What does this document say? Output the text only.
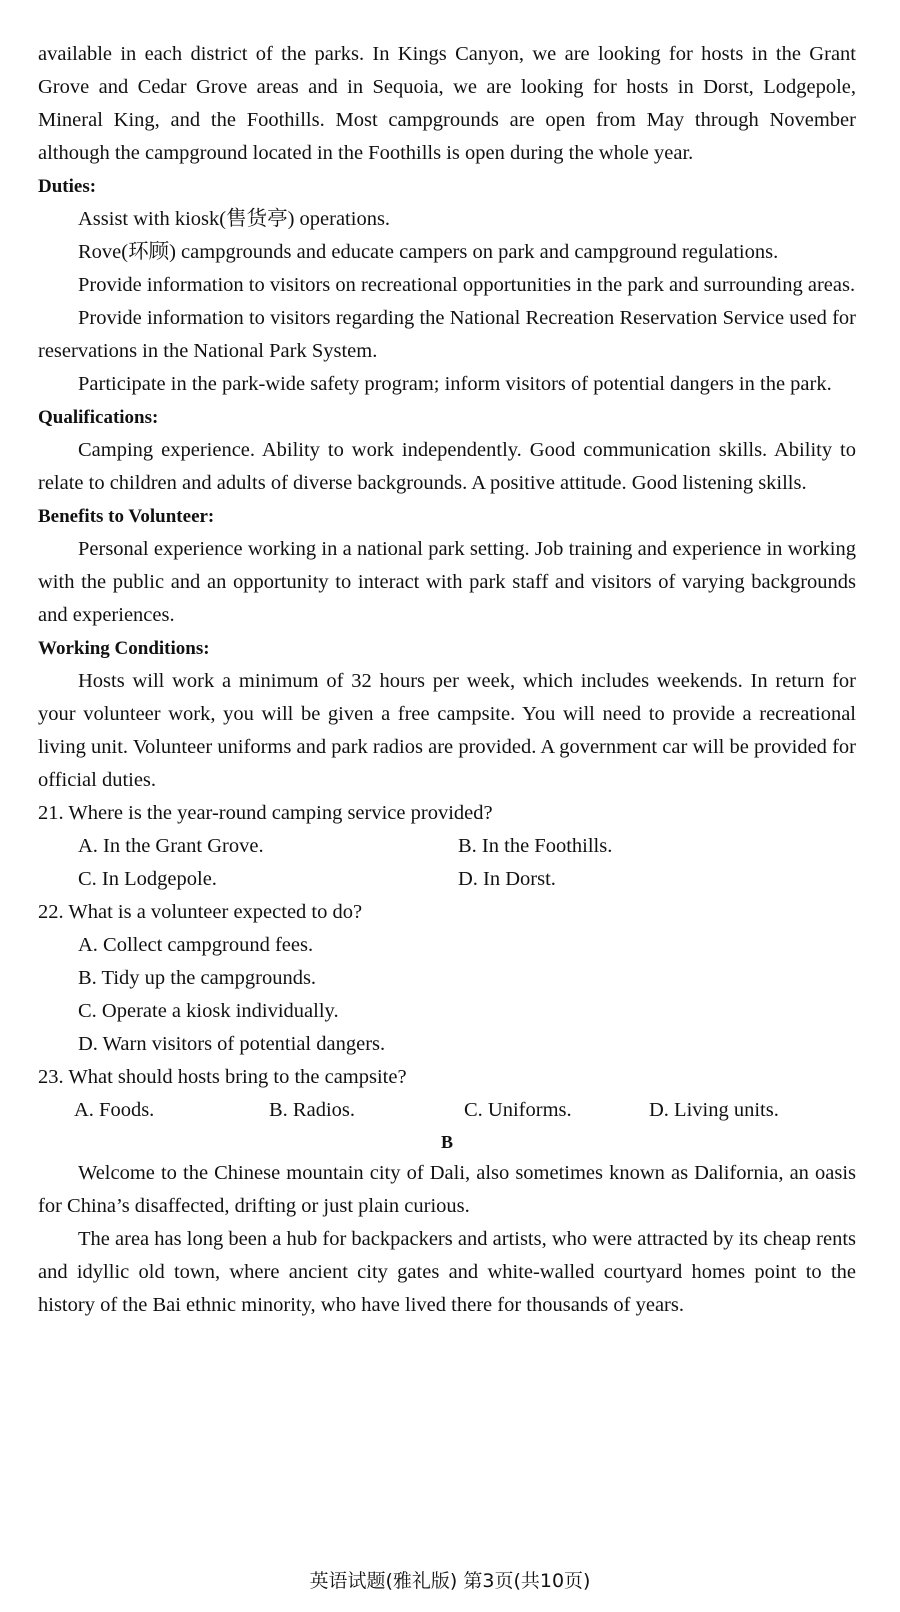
available in each district of the parks. In Kings Canyon, we are looking for hosts in the Grant Grove and Cedar Grove areas and in Sequoia, we are looking for hosts in Dorst, Lodgepole, Mineral King, and the Foothills. Most campgrounds are open from May through November although the campground located in the Foothills is open during the whole year.

Duties:

Assist with kiosk(售货亭) operations.

Rove(环顾) campgrounds and educate campers on park and campground regulations.

Provide information to visitors on recreational opportunities in the park and surrounding areas.

Provide information to visitors regarding the National Recreation Reservation Service used for reservations in the National Park System.

Participate in the park-wide safety program; inform visitors of potential dangers in the park.

Qualifications:

Camping experience. Ability to work independently. Good communication skills. Ability to relate to children and adults of diverse backgrounds. A positive attitude. Good listening skills.

Benefits to Volunteer:

Personal experience working in a national park setting. Job training and experience in working with the public and an opportunity to interact with park staff and visitors of varying backgrounds and experiences.

Working Conditions:

Hosts will work a minimum of 32 hours per week, which includes weekends. In return for your volunteer work, you will be given a free campsite. You will need to provide a recreational living unit. Volunteer uniforms and park radios are provided. A government car will be provided for official duties.

21. Where is the year-round camping service provided?

A. In the Grant Grove.	B. In the Foothills.
C. In Lodgepole.	D. In Dorst.

22. What is a volunteer expected to do?

A. Collect campground fees.
B. Tidy up the campgrounds.
C. Operate a kiosk individually.
D. Warn visitors of potential dangers.

23. What should hosts bring to the campsite?

A. Foods.	B. Radios.	C. Uniforms.	D. Living units.

B

Welcome to the Chinese mountain city of Dali, also sometimes known as Dalifornia, an oasis for China’s disaffected, drifting or just plain curious.

The area has long been a hub for backpackers and artists, who were attracted by its cheap rents and idyllic old town, where ancient city gates and white-walled courtyard homes point to the history of the Bai ethnic minority, who have lived there for thousands of years.

英语试题(雅礼版) 第3页(共10页)
